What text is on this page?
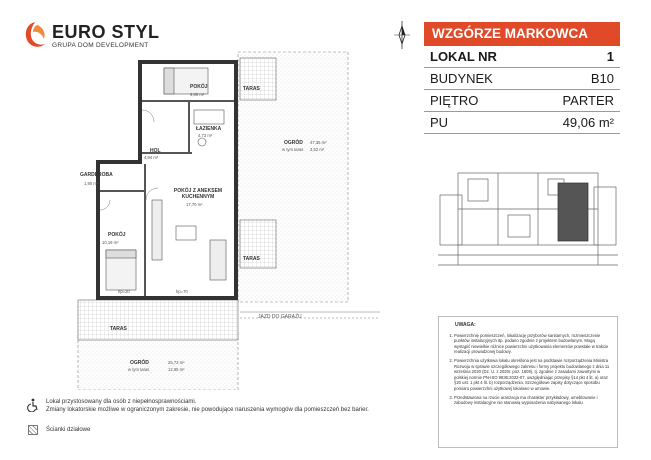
EURO STYL
GRUPA DOM DEVELOPMENT
WZGÓRZE MARKOWCA
LOKAL NR	1
BUDYNEK	B10
PIĘTRO	PARTER
PU	49,06 m²
POKÓJ
9,89 m²
ŁAZIENKA
4,73 m²
HOL
4,94 m²
GARDEROBA
1,90 m²
POKÓJ Z ANEKSEM KUCHENNYM
17,70 m²
POKÓJ
10,19 m²
TARAS
TARAS
TARAS
OGRÓD
w tym taras
47,35 m²
3,52 m²
OGRÓD
w tym taras
25,73 m²
12,65 m²
JAZD DO GARAŻU
hp=20	hp=70
UWAGA:
1. Powierzchnię pomieszczeń, lokalizację przyborów sanitarnych, rozmieszczenie punktów instalacyjnych itp. podano zgodnie z projektem budowlanym. Mogą wystąpić niewielkie różnice powierzchni użytkowania elementów powstałe w trakcie realizacji prowadzonej budowy.
2. Powierzchnia użytkowa lokalu określona jest na podstawie rozporządzenia Ministra Rozwoju w sprawie szczegółowego zakresu i formy projektu budowlanego z dnia 11 września 2020 (Dz. U. z 2020r. poz. 1609), tj. zgodnie z zasadami zawartymi w polskiej normie PN-ISO 9836:2022-07, uwzględniając przepisy §14 pkt 4 lit. a) oraz §20 ust. 1 pkt 4 lit. b) rozporządzenia. Szczegółowe zapisy dotyczące sposobu pomiaru powierzchni użytkowej lokalowo w umowie.
3. Przedstawiona na rzucie aranżacja ma charakter przykładowy, umeblowanie i zabudowy instalacyjne nie stanowią wyposażenia nabywanego lokalu
Lokal przystosowany dla osób z niepełnosprawnościami.
Zmiany lokatorskie możliwe w ograniczonym zakresie, nie powodujące naruszenia wymogów dla pomieszczeń bez barier.
Ścianki działowe
